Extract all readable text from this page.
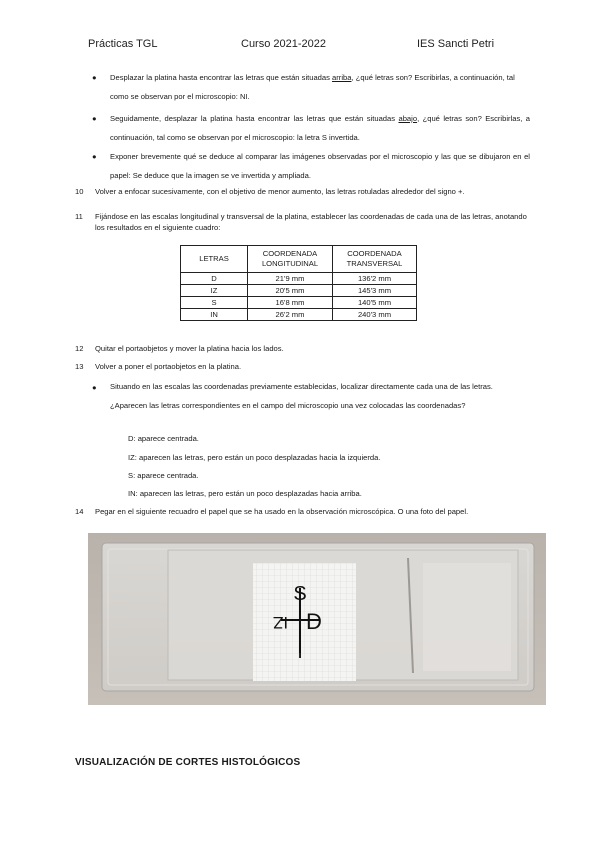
Prácticas TGL	Curso 2021-2022	IES Sancti Petri
● Desplazar la platina hasta encontrar las letras que están situadas arriba, ¿qué letras son? Escribirlas, a continuación, tal como se observan por el microscopio: NI.
● Seguidamente, desplazar la platina hasta encontrar las letras que están situadas abajo, ¿qué letras son? Escribirlas, a continuación, tal como se observan por el microscopio: la letra S invertida.
● Exponer brevemente qué se deduce al comparar las imágenes observadas por el microscopio y las que se dibujaron en el papel: Se deduce que la imagen se ve invertida y ampliada.
10 Volver a enfocar sucesivamente, con el objetivo de menor aumento, las letras rotuladas alrededor del signo +.
11 Fijándose en las escalas longitudinal y transversal de la platina, establecer las coordenadas de cada una de las letras, anotando los resultados en el siguiente cuadro:
LETRAS	COORDENADA LONGITUDINAL	COORDENADA TRANSVERSAL
D	21'9 mm	136'2 mm
IZ	20'5 mm	145'3 mm
S	16'8 mm	140'5 mm
IN	26'2 mm	240'3 mm
12 Quitar el portaobjetos y mover la platina hacia los lados.
13 Volver a poner el portaobjetos en la platina.
● Situando en las escalas las coordenadas previamente establecidas, localizar directamente cada una de las letras. ¿Aparecen las letras correspondientes en el campo del microscopio una vez colocadas las coordenadas?
D: aparece centrada.
IZ: aparecen las letras, pero están un poco desplazadas hacia la izquierda.
S: aparece centrada.
IN: aparecen las letras, pero están un poco desplazadas hacia arriba.
14 Pegar en el siguiente recuadro el papel que se ha usado en la observación microscópica. O una foto del papel.
S
IZ D
I
VISUALIZACIÓN DE CORTES HISTOLÓGICOS
